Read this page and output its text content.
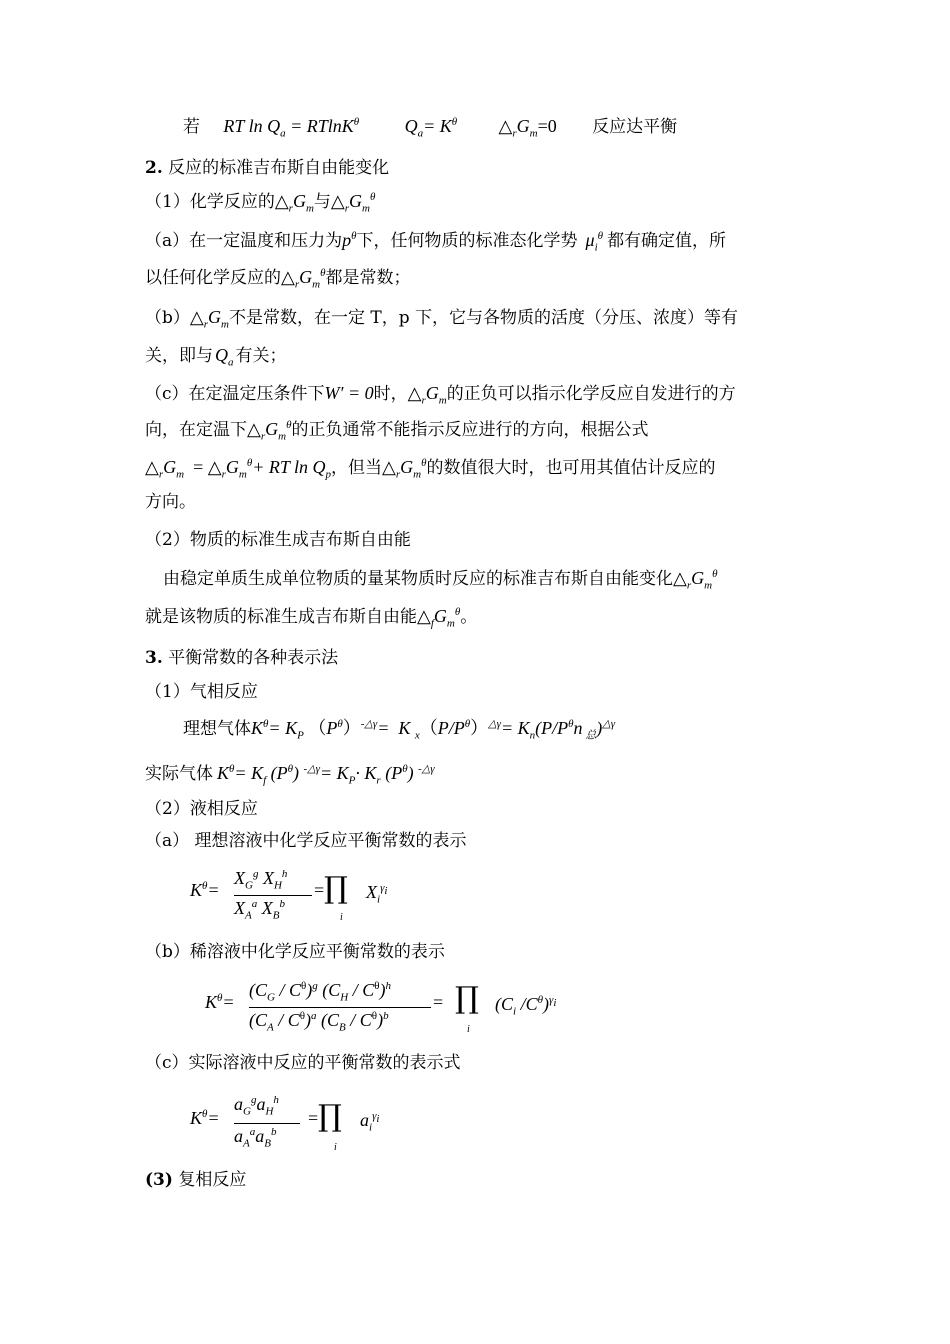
若 RT $\ln Q_a = RTlnK^\theta$	$Q_a= K^\theta$ $\triangle_rG_m=0$ 反应达平衡
2. 反应的标准吉布斯自由能变化
（1）化学反应的$\triangle_rG_m$与$\triangle_rG_m^\theta$
（a）在一定温度和压力为$p^\theta$下，任何物质的标准态化学势 $\mu_i^\theta$ 都有确定值，所
以任何化学反应的$\triangle_rG_m^\theta$都是常数；
$(b)\triangle_rG_m$不是常数，在一定 T，p 下，它与各物质的活度（分压、浓度）等有
关，即与 $Q_a$ 有关；
（c）在定温定压条件下W′ = 0时，$\triangle_rG_m$的正负可以指示化学反应自发进行的方
向，在定温下$\triangle_rG_m^\theta$的正负通常不能指示反应进行的方向，根据公式
$\triangle_rG_m$  = $\triangle_rG_m^\theta+$ RT $\ln Q_p$，但当$\triangle_rG_m^\theta$的数值很大时，也可用其值估计反应的
方向。
（2）物质的标准生成吉布斯自由能
由稳定单质生成单位物质的量某物质时反应的标准吉布斯自由能变化$\triangle_rG_m^\theta$
就是该物质的标准生成吉布斯自由能$\triangle_fG_m^\theta$。
3. 平衡常数的各种表示法
（1）气相反应
理想气体$K^\theta= K_P$ $(P^\theta)^{-\triangle\gamma}= K$ $_x(P/P^\theta)^{\triangle\gamma}= K_n(P/P^\theta n$ $_总$)$^{\triangle\gamma}$
实际气体 $K^\theta= K_f$ $(P^\theta)$ $^{-\triangle\gamma}= K_P\cdot K_r$ $(P^\theta)$ $^{-\triangle\gamma}$
（2）液相反应
（a） 理想溶液中化学反应平衡常数的表示
$K^\theta=$
$X_G^g$ $X_H^h$
$X_A^a$ $X_B^b$
= ∏
i
$X_i^{\gamma_i}$
（b）稀溶液中化学反应平衡常数的表示
$K^\theta=$
$(C_G / C^\theta)^g$ $(C_H / C^\theta)^h$
$(C_A / C^\theta)^a$ $(C_B / C^\theta)^b$
= ∏
i
($C_i$ $/C^\theta)^{\gamma_i}$
（c）实际溶液中反应的平衡常数的表示式
$K^\theta=$
$a_G^ga_H^h$
$a_A^aa_B^b$
= ∏
i
$a_i^{\gamma_i}$
(3) 复相反应
